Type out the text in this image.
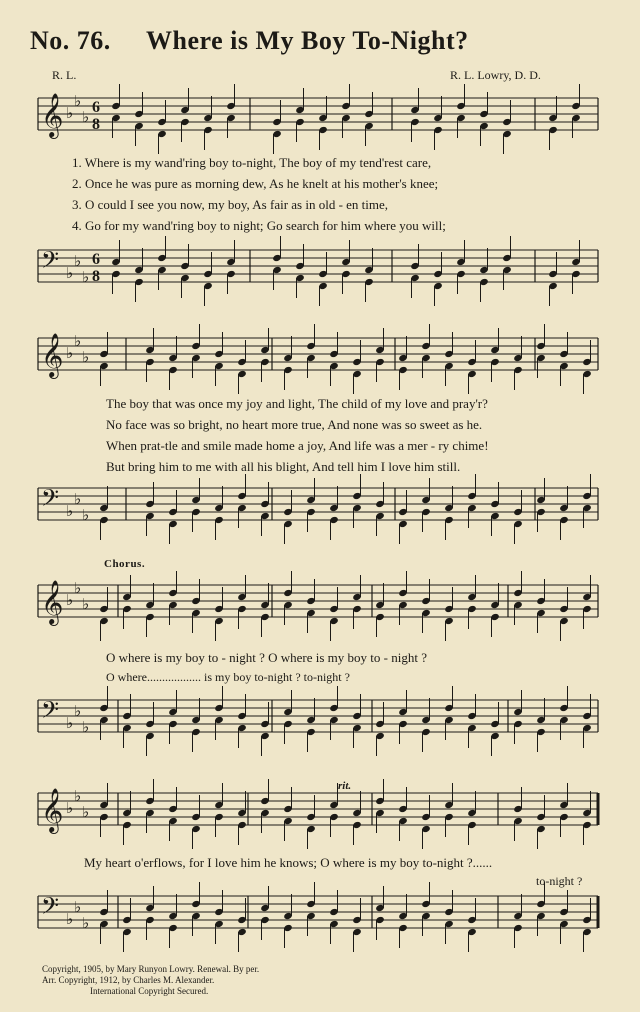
No. 76. Where is My Boy To-Night?
R. L.	R. L. Lowry, D. D.
𝄞 ♭
♭
♭
6
8
𝄢 ♭
♭
♭
6
8
𝄞 ♭
♭
♭
𝄢 ♭
♭
♭
𝄞 ♭
♭
♭
𝄢 ♭
♭
♭
𝄞 ♭
♭
♭
𝄢 ♭
♭
♭
1. Where is my wand'ring boy to-night, The boy of my tend'rest care,
2. Once he was pure as morning dew, As he knelt at his mother's knee;
3. O could I see you now, my boy, As fair as in old - en time,
4. Go for my wand'ring boy to night; Go search for him where you will;
The boy that was once my joy and light, The child of my love and pray'r?
No face was so bright, no heart more true, And none was so sweet as he.
When prat-tle and smile made home a joy, And life was a mer - ry chime!
But bring him to me with all his blight, And tell him I love him still.
Chorus.
O where is my boy to - night ? O where is my boy to - night ?
O where.................. is my boy to-night ? to-night ?
rit.
My heart o'erflows, for I love him he knows; O where is my boy to-night ?......
to-night ?
Copyright, 1905, by Mary Runyon Lowry. Renewal. By per.
Arr. Copyright, 1912, by Charles M. Alexander.
International Copyright Secured.
